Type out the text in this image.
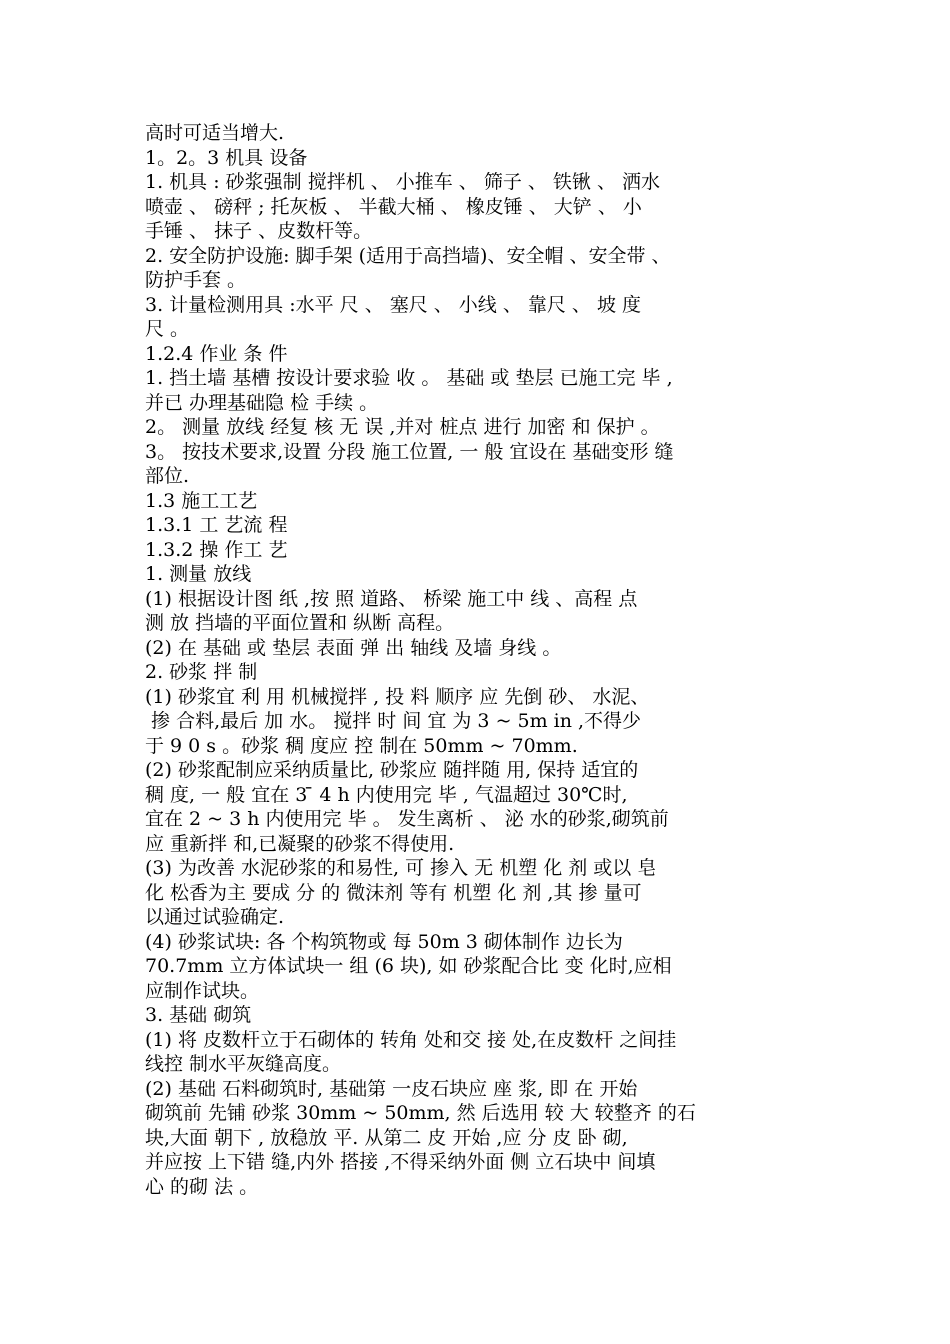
高时可适当增大.
1。2。3 机具 设备
1. 机具 : 砂浆强制 搅拌机 、 小推车 、 筛子 、 铁锹 、 洒水
喷壶 、 磅秤 ; 托灰板 、 半截大桶 、 橡皮锤 、 大铲 、 小
手锤 、 抹子 、皮数杆等。
2. 安全防护设施: 脚手架 (适用于高挡墙)、安全帽 、安全带 、
防护手套 。
3. 计量检测用具 :水平 尺 、 塞尺 、 小线 、 靠尺 、 坡 度
尺 。
1.2.4 作业 条 件
1. 挡土墙 基槽 按设计要求验 收 。 基础 或 垫层 已施工完 毕 ,
并已 办理基础隐 检 手续 。
2。 测量 放线 经复 核 无 误 ,并对 桩点 进行 加密 和 保护 。
3。 按技术要求,设置 分段 施工位置, 一 般 宜设在 基础变形 缝
部位.
1.3 施工工艺
1.3.1 工 艺流 程
1.3.2 操 作工 艺
1. 测量 放线
(1) 根据设计图 纸 ,按 照 道路、 桥梁 施工中 线 、高程 点
测 放 挡墙的平面位置和 纵断 高程。
(2) 在 基础 或 垫层 表面 弹 出 轴线 及墙 身线 。
2. 砂浆 拌 制
(1) 砂浆宜 利 用 机械搅拌 , 投 料 顺序 应 先倒 砂、 水泥、
掺 合料,最后 加 水。 搅拌 时 间 宜 为 3 ~ 5m in ,不得少
于 9 0 s 。砂浆 稠 度应 控 制在 50mm ~ 70mm.
(2) 砂浆配制应采纳质量比, 砂浆应 随拌随 用, 保持 适宜的
稠 度, 一 般 宜在 3 ̄ 4 h 内使用完 毕 , 气温超过 30℃时,
宜在 2 ~ 3 h 内使用完 毕 。 发生离析 、 泌 水的砂浆,砌筑前
应 重新拌 和,已凝聚的砂浆不得使用.
(3) 为改善 水泥砂浆的和易性, 可 掺入 无 机塑 化 剂 或以 皂
化 松香为主 要成 分 的 微沫剂 等有 机塑 化 剂 ,其 掺 量可
以通过试验确定.
(4) 砂浆试块: 各 个构筑物或 每 50m 3 砌体制作 边长为
70.7mm 立方体试块一 组 (6 块), 如 砂浆配合比 变 化时,应相
应制作试块。
3. 基础 砌筑
(1) 将 皮数杆立于石砌体的 转角 处和交 接 处,在皮数杆 之间挂
线控 制水平灰缝高度。
(2) 基础 石料砌筑时, 基础第 一皮石块应 座 浆, 即 在 开始
砌筑前 先铺 砂浆 30mm ~ 50mm, 然 后选用 较 大 较整齐 的石
块,大面 朝下 , 放稳放 平. 从第二 皮 开始 ,应 分 皮 卧 砌,
并应按 上下错 缝,内外 搭接 ,不得采纳外面 侧 立石块中 间填
心 的砌 法 。
